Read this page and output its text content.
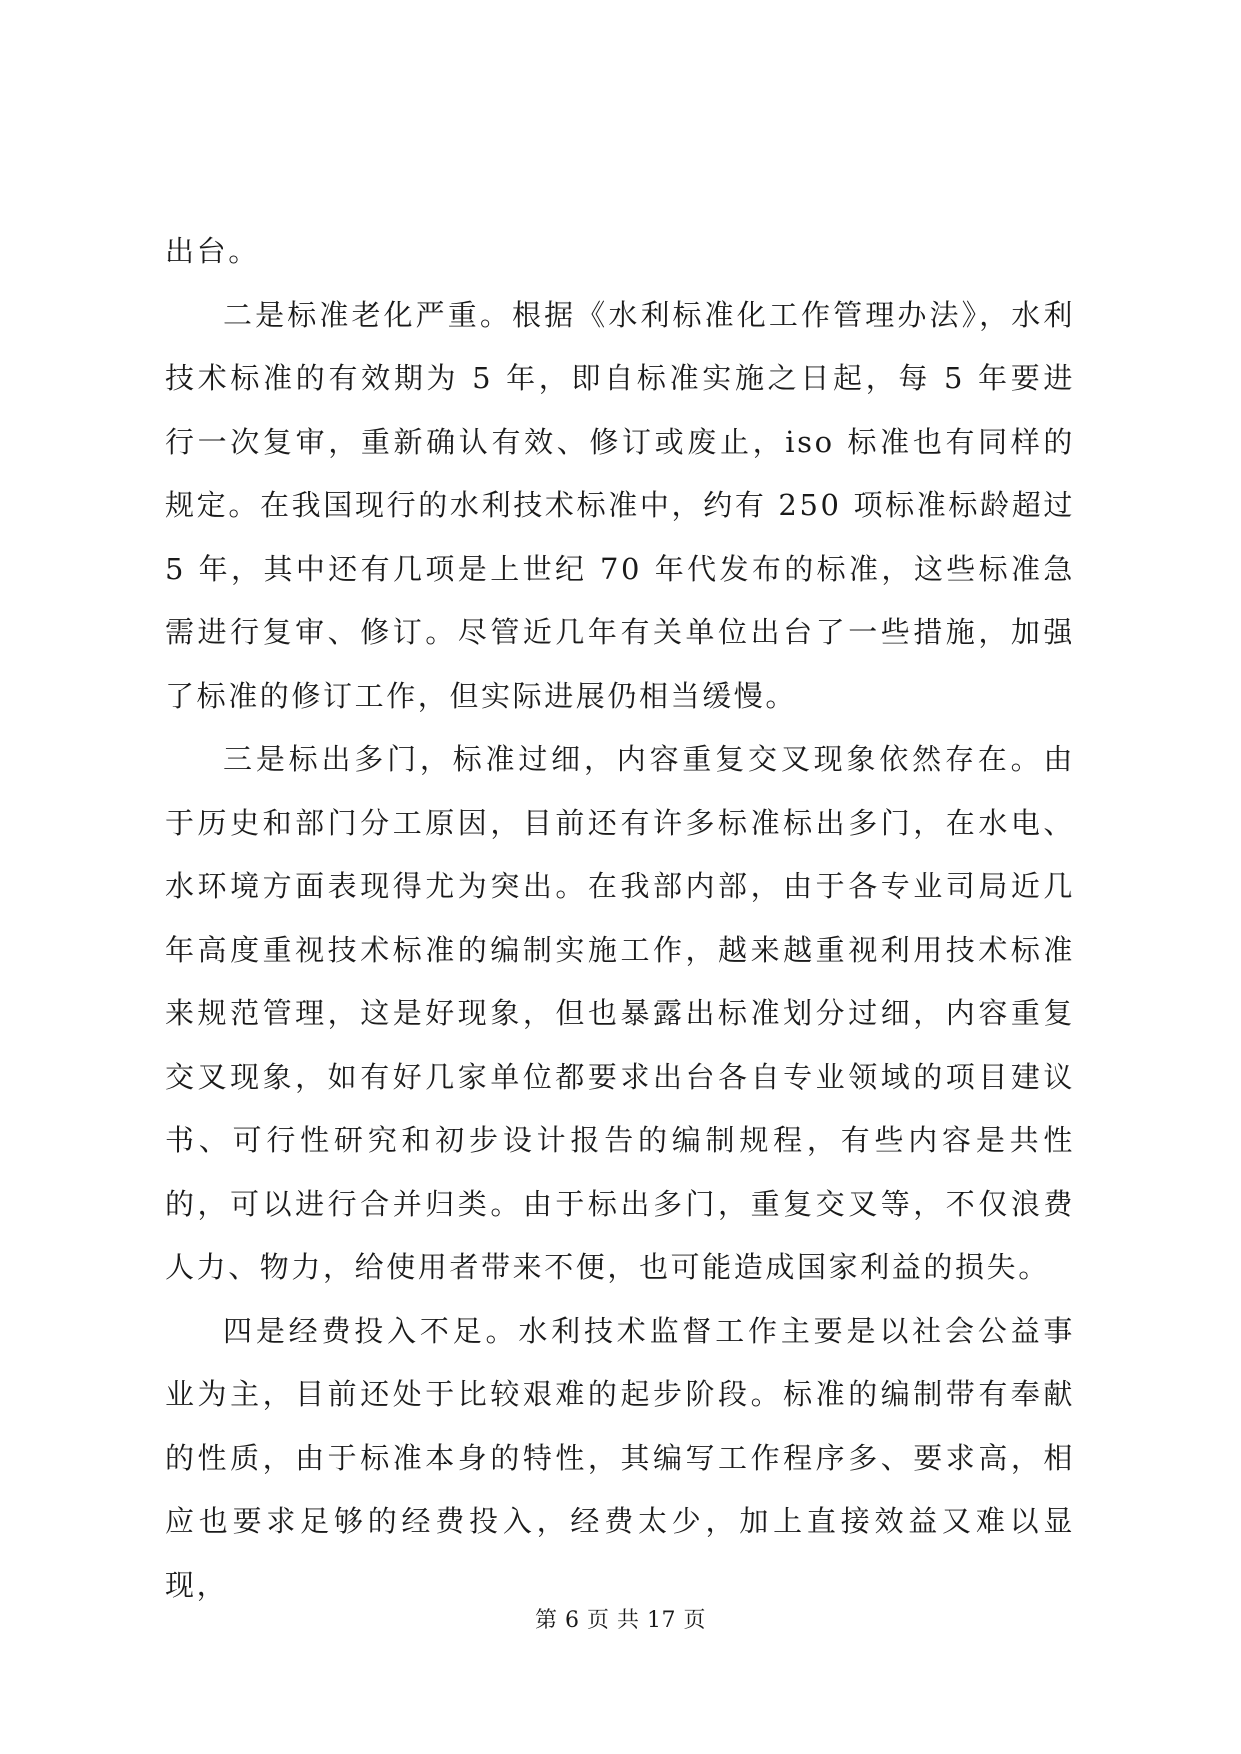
出台。

二是标准老化严重。根据《水利标准化工作管理办法》，水利技术标准的有效期为 5 年，即自标准实施之日起，每 5 年要进行一次复审，重新确认有效、修订或废止，iso 标准也有同样的规定。在我国现行的水利技术标准中，约有 250 项标准标龄超过 5 年，其中还有几项是上世纪 70 年代发布的标准，这些标准急需进行复审、修订。尽管近几年有关单位出台了一些措施，加强了标准的修订工作，但实际进展仍相当缓慢。

三是标出多门，标准过细，内容重复交叉现象依然存在。由于历史和部门分工原因，目前还有许多标准标出多门，在水电、水环境方面表现得尤为突出。在我部内部，由于各专业司局近几年高度重视技术标准的编制实施工作，越来越重视利用技术标准来规范管理，这是好现象，但也暴露出标准划分过细，内容重复交叉现象，如有好几家单位都要求出台各自专业领域的项目建议书、可行性研究和初步设计报告的编制规程，有些内容是共性的，可以进行合并归类。由于标出多门，重复交叉等，不仅浪费人力、物力，给使用者带来不便，也可能造成国家利益的损失。

四是经费投入不足。水利技术监督工作主要是以社会公益事业为主，目前还处于比较艰难的起步阶段。标准的编制带有奉献的性质，由于标准本身的特性，其编写工作程序多、要求高，相应也要求足够的经费投入，经费太少，加上直接效益又难以显现，

第 6 页 共 17 页
